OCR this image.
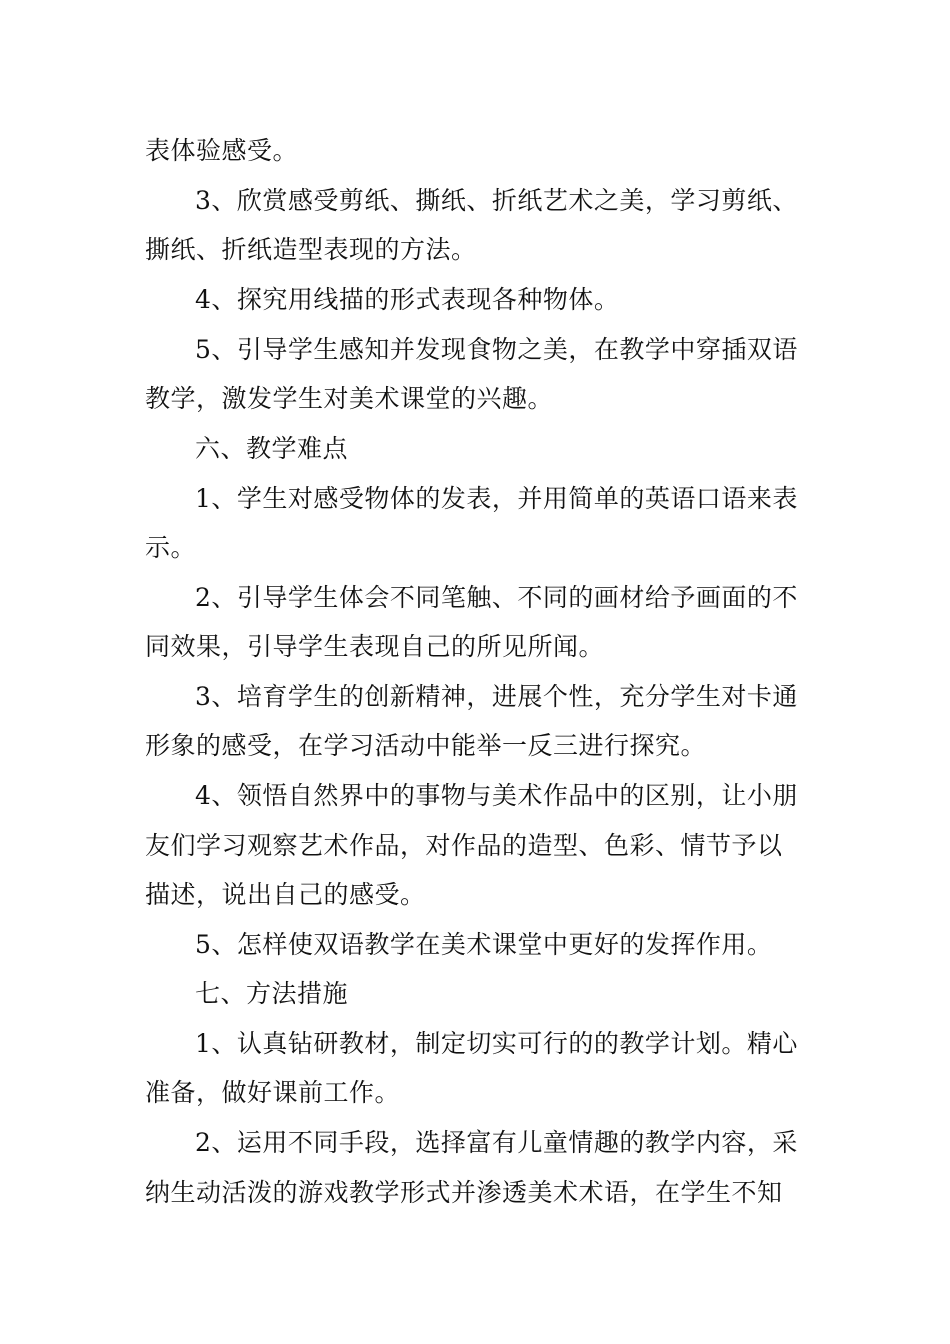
表体验感受。
3、欣赏感受剪纸、撕纸、折纸艺术之美，学习剪纸、
撕纸、折纸造型表现的方法。
4、探究用线描的形式表现各种物体。
5、引导学生感知并发现食物之美，在教学中穿插双语
教学，激发学生对美术课堂的兴趣。
六、教学难点
1、学生对感受物体的发表，并用简单的英语口语来表
示。
2、引导学生体会不同笔触、不同的画材给予画面的不
同效果，引导学生表现自己的所见所闻。
3、培育学生的创新精神，进展个性，充分学生对卡通
形象的感受，在学习活动中能举一反三进行探究。
4、领悟自然界中的事物与美术作品中的区别，让小朋
友们学习观察艺术作品，对作品的造型、色彩、情节予以
描述，说出自己的感受。
5、怎样使双语教学在美术课堂中更好的发挥作用。
七、方法措施
1、认真钻研教材，制定切实可行的的教学计划。精心
准备，做好课前工作。
2、运用不同手段，选择富有儿童情趣的教学内容，采
纳生动活泼的游戏教学形式并渗透美术术语，在学生不知
